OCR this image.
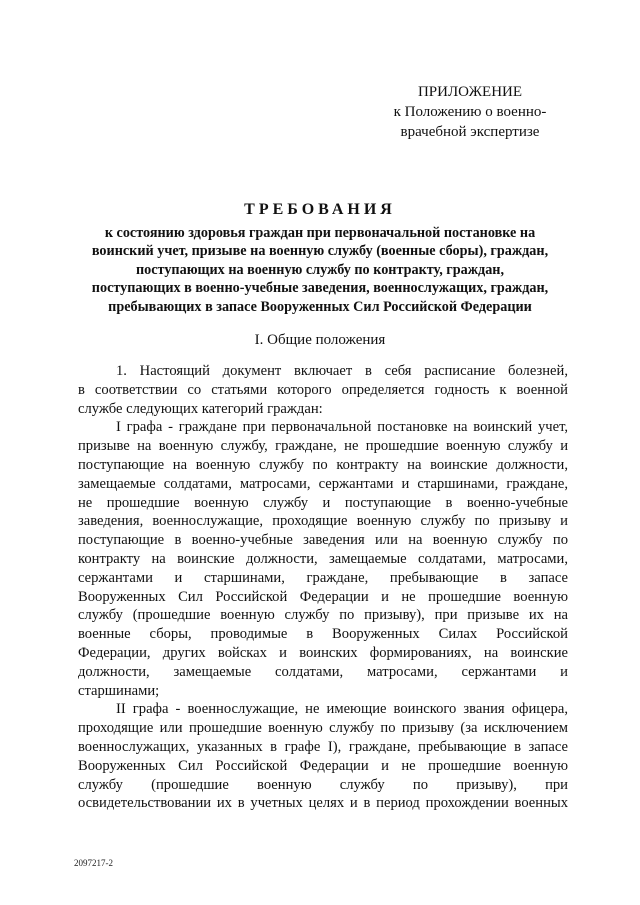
ПРИЛОЖЕНИЕ
к Положению о военно-
врачебной экспертизе
ТРЕБОВАНИЯ
к состоянию здоровья граждан при первоначальной постановке на
воинский учет, призыве на военную службу (военные сборы), граждан,
поступающих на военную службу по контракту, граждан,
поступающих в военно-учебные заведения, военнослужащих, граждан,
пребывающих в запасе Вооруженных Сил Российской Федерации
I. Общие положения
1. Настоящий документ включает в себя расписание болезней,
в соответствии со статьями которого определяется годность к военной
службе следующих категорий граждан:
I графа - граждане при первоначальной постановке на воинский учет,
призыве на военную службу, граждане, не прошедшие военную службу и
поступающие на военную службу по контракту на воинские должности,
замещаемые солдатами, матросами, сержантами и старшинами, граждане,
не прошедшие военную службу и поступающие в военно-учебные
заведения, военнослужащие, проходящие военную службу по призыву и
поступающие в военно-учебные заведения или на военную службу по
контракту на воинские должности, замещаемые солдатами, матросами,
сержантами и старшинами, граждане, пребывающие в запасе
Вооруженных Сил Российской Федерации и не прошедшие военную
службу (прошедшие военную службу по призыву), при призыве их на
военные сборы, проводимые в Вооруженных Силах Российской
Федерации, других войсках и воинских формированиях, на воинские
должности, замещаемые солдатами, матросами, сержантами и
старшинами;
II графа - военнослужащие, не имеющие воинского звания офицера,
проходящие или прошедшие военную службу по призыву (за исключением
военнослужащих, указанных в графе I), граждане, пребывающие в запасе
Вооруженных Сил Российской Федерации и не прошедшие военную
службу (прошедшие военную службу по призыву), при
освидетельствовании их в учетных целях и в период прохождении военных
2097217-2
